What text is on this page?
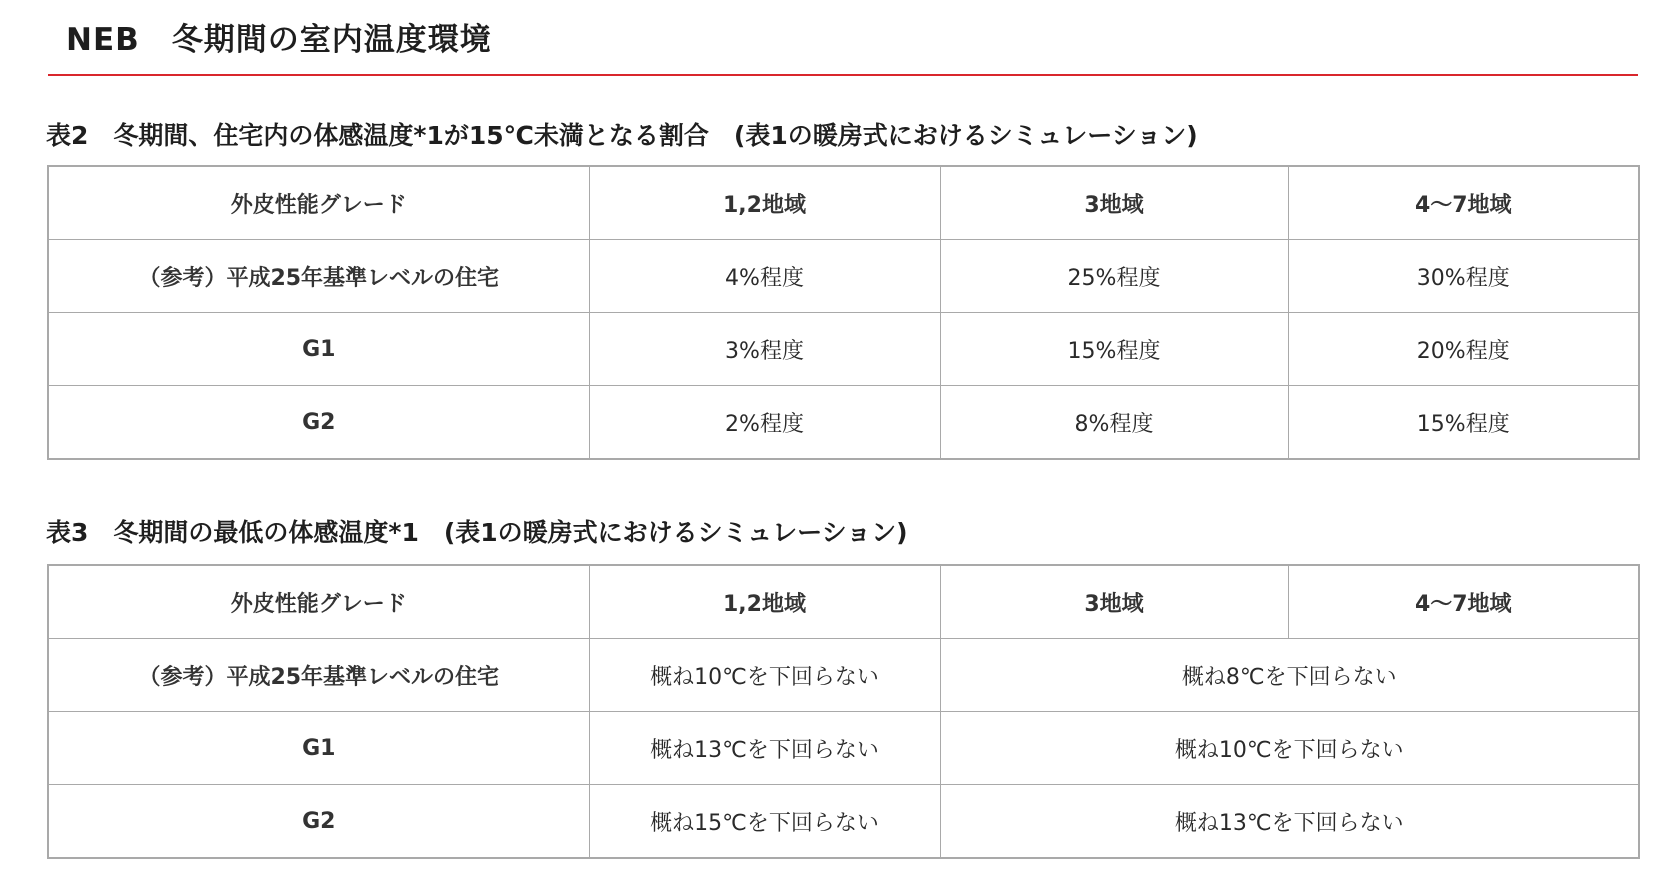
NEB　冬期間の室内温度環境
表2　冬期間、住宅内の体感温度*1が15℃未満となる割合　(表1の暖房式におけるシミュレーション)
外皮性能グレード	1,2地域	3地域	4～7地域
（参考）平成25年基準レベルの住宅	4%程度	25%程度	30%程度
G1	3%程度	15%程度	20%程度
G2	2%程度	8%程度	15%程度
表3　冬期間の最低の体感温度*1　(表1の暖房式におけるシミュレーション)
外皮性能グレード	1,2地域	3地域	4～7地域
（参考）平成25年基準レベルの住宅	概ね10℃を下回らない	概ね8℃を下回らない	
G1	概ね13℃を下回らない	概ね10℃を下回らない	
G2	概ね15℃を下回らない	概ね13℃を下回らない	
